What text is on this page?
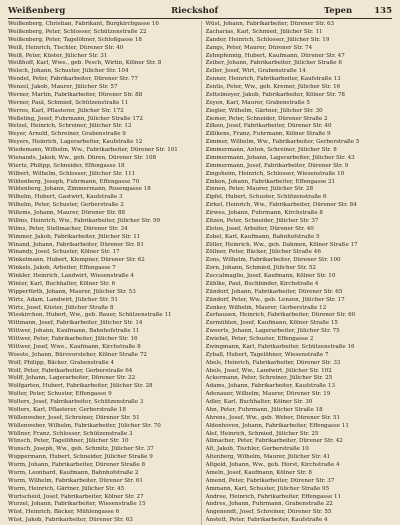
Weißenberg	Rieckshof	Tepen	135
Weißenberg, Christian, Fabrikant, Burgkirchgasse 16
Weißenberg, Peter, Schlosser, Schützenstraße 22
Weißenberg, Peter, Tagelöhner, Schloßgasse 18
Weiß, Heinrich, Tischler, Dürener Str. 40
Weiß, Peter, Küster, Jülicher Str. 31
Weißhoff, Karl, Wwe., geb. Pesch, Wirtin, Kölner Str. 8
Welsch, Johann, Schuster, Jülicher Str. 104
Wendel, Peter, Fabrikarbeiter, Dürener Str. 77
Wenzel, Jakob, Maurer, Jülicher Str. 57
Werner, Martin, Fabrikarbeiter, Dürener Str. 88
Werner, Paul, Schmied, Schützenstraße 11
Werres, Karl, Pflasterer, Jülicher Str. 172
Weßeling, Josef, Fuhrmann, Jülicher Straße 172
Wetzel, Heinrich, Schreiner, Jülicher Str. 12
Weyer, Arnold, Schreiner, Grabenstraße 9
Weyers, Heinrich, Lagerarbeiter, Kaufstraße 12
Wiedemann, Wilhelm, Ww., Fabrikarbeiter, Dürener Str. 101
Wienands, Jakob, Ww., geb. Düren, Dürener Str. 108
Wiertz, Philipp, Schneider, Effengasse 18
Wilbert, Wilhelm, Schlosser, Jülicher Str. 111
Wildenberg, Joseph, Fuhrmann, Effengasse 70
Wildenberg, Johann, Zimmermann, Rosengasse 18
Wilhelm, Hubert, Gastwirt, Kaufstraße 3
Wilhelm, Peter, Schuster, Gerberstraße 2
Willems, Johann, Maurer, Dürener Str. 88
Willms, Heinrich, Ww., Fabrikarbeiter, Jülicher Str. 99
Wilms, Peter, Stellmacher, Dürener Str. 34
Wimmer, Jakob, Fabrikarbeiter, Jülicher Str. 11
Winand, Johann, Fabrikarbeiter, Dürener Str. 81
Winandy, Josef, Schuster, Kölner Str. 17
Winkelmann, Hubert, Klempner, Dürener Str. 62
Winkels, Jakob, Arbeiter, Effengasse 7
Winkler, Heinrich, Landwirt, Wiesenstraße 4
Winter, Karl, Buchhalter, Kölner Str. 6
Wipperfürth, Johann, Maurer, Jülicher Str. 53
Wirtz, Adam, Landwirt, Jülicher Str. 51
Wirtz, Josef, Küster, Jülicher Straße 8
Wisskirchen, Hubert, Ww., geb. Bauer, Schützenstraße 11
Wittmann, Josef, Fabrikarbeiter, Jülicher Str. 14
Wittwer, Johann, Kaufmann, Bahnhofstraße 11
Wittwer, Peter, Fabrikarbeiter, Jülicher Str. 16
Wittwer, Josef, Wwe., Kaufmann, Kirchstraße 8
Woeste, Johann, Bürovorsteher, Kölner Straße 72
Wolf, Philipp, Bäcker, Grabenstraße 4
Wolf, Peter, Fabrikarbeiter, Gerberstraße 64
Wolff, Johann, Lagerarbeiter, Dürener Str. 22
Wolfgarten, Hubert, Fabrikarbeiter, Jülicher Str. 28
Wolter, Peter, Schuster, Effengasse 9
Wolters, Josef, Fabrikarbeiter, Schützenstraße 3
Wolters, Karl, Pflasterer, Gerberstraße 18
Wüllenweber, Josef, Schreiner, Dürener Str. 51
Wüllenweber, Wilhelm, Fabrikarbeiter, Jülicher Str. 70
Wüllner, Franz, Schlosser, Schützenstraße 3
Wünsch, Peter, Tagelöhner, Jülicher Str. 10
Wunsch, Joseph, Ww., geb. Schmitz, Jülicher Str. 37
Wuppermann, Hubert, Schneider, Jülicher Straße 9
Wurm, Johann, Fabrikarbeiter, Dürener Straße 8
Wurm, Leonhard, Kaufmann, Bahnhofstraße 2
Wurm, Wilhelm, Fabrikarbeiter, Dürener Str. 61
Wurm, Heinrich, Gärtner, Jülicher Str. 45
Wurtscheid, Josef, Fabrikarbeiter, Kölner Str. 27
Wurzel, Johann, Fabrikarbeiter, Wiesenstraße 15
Wüst, Heinrich, Bäcker, Mühlengasse 6
Wüst, Jakob, Fabrikarbeiter, Dürener Str. 63
Wüst, Johann, Fabrikarbeiter, Dürener Str. 63
Zacharias, Karl, Schmied, Jülicher Str. 11
Zander, Heinrich, Schlosser, Jülicher Str. 19
Zangs, Peter, Maurer, Dürener Str. 74
Zehnpfennig, Hubert, Kaufmann, Dürener Str. 47
Zeiher, Johann, Fabrikarbeiter, Jülicher Straße 6
Zeller, Josef, Wirt, Grabenstraße 14
Zenner, Heinrich, Fabrikarbeiter, Kaufstraße 13
Zentis, Peter, Ww., geb. Kremer, Jülicher Str. 16
Zettelmeyer, Jakob, Fabrikarbeiter, Kölner Str. 78
Zeyen, Karl, Maurer, Grabenstraße 5
Ziegler, Wilhelm, Gärtner, Jülicher Str. 30
Ziemer, Peter, Schneider, Dürener Straße 2
Zilken, Josef, Fabrikarbeiter, Dürener Str. 40
Zillikens, Franz, Fuhrmann, Kölner Straße 9
Zimmer, Wilhelm, Ww., Fabrikarbeiter, Gerberstraße 5
Zimmermann, Anton, Schreiner, Jülicher Str. 8
Zimmermann, Johann, Lagerarbeiter, Jülicher Str. 43
Zimmermann, Josef, Fabrikarbeiter, Dürener Str. 9
Zingsheim, Heinrich, Schlosser, Wiesenstraße 10
Zinken, Johann, Fabrikarbeiter, Effengasse 21
Zinnen, Peter, Maurer, Jülicher Str. 28
Zipfel, Hubert, Schuster, Schützenstraße 6
Zirkel, Heinrich, Ww., Fabrikarbeiter, Dürener Str. 84
Zirwes, Johann, Fuhrmann, Kirchstraße 8
Zitzen, Peter, Schneider, Jülicher Str. 37
Zlotos, Josef, Arbeiter, Dürener Str. 40
Zobel, Karl, Kaufmann, Bahnhofstraße 5
Zöller, Heinrich, Ww., geb. Dahmen, Kölner Straße 17
Zöllner, Peter, Bäcker, Jülicher Straße 46
Zons, Wilhelm, Fabrikarbeiter, Dürener Str. 100
Zorn, Johann, Schmied, Jülicher Str. 52
Zuccalmaglio, Josef, Kaufmann, Kölner Str. 10
Zühlke, Paul, Buchbinder, Kirchstraße 4
Zündorf, Johann, Fabrikarbeiter, Dürener Str. 65
Zündorf, Peter, Ww., geb. Lenzen, Jülicher Str. 17
Zunker, Wilhelm, Maurer, Gerberstraße 12
Zurhausen, Heinrich, Fabrikarbeiter, Dürener Str. 60
Zurmühlen, Josef, Kaufmann, Kölner Straße 15
Zweerts, Johann, Lagerarbeiter, Jülicher Str. 75
Zwiebel, Peter, Schuster, Effengasse 2
Zwingmann, Karl, Fabrikarbeiter, Schützenstraße 16
Zyball, Hubert, Tagelöhner, Wiesenstraße 7
Abels, Heinrich, Fabrikarbeiter, Dürener Str. 33
Abels, Josef, Ww., Landwirt, Jülicher Str. 102
Ackermann, Peter, Schreiner, Jülicher Str. 25
Adams, Johann, Fabrikarbeiter, Kaufstraße 13
Adenauer, Wilhelm, Maurer, Dürener Str. 19
Adler, Karl, Buchhalter, Kölner Str. 30
Ahn, Peter, Fuhrmann, Jülicher Straße 18
Ahrens, Josef, Ww., geb. Weber, Dürener Str. 51
Aldenhoven, Johann, Fabrikarbeiter, Effengasse 11
Alef, Heinrich, Schmied, Jülicher Str. 25
Allmacher, Peter, Fabrikarbeiter, Dürener Str. 42
Alt, Jakob, Tischler, Gerberstraße 10
Altenberg, Wilhelm, Maurer, Jülicher Str. 41
Altgeld, Johann, Ww., geb. Horst, Kirchstraße 4
Ameln, Josef, Kaufmann, Kölner Str. 8
Amend, Peter, Fabrikarbeiter, Dürener Str. 37
Ammann, Karl, Schuster, Jülicher Straße 95
Andree, Heinrich, Fabrikarbeiter, Effengasse 11
Andres, Johann, Fuhrmann, Grabenstraße 22
Angenendt, Josef, Schreiner, Dürener Str. 55
Anstett, Peter, Fabrikarbeiter, Kaufstraße 4
